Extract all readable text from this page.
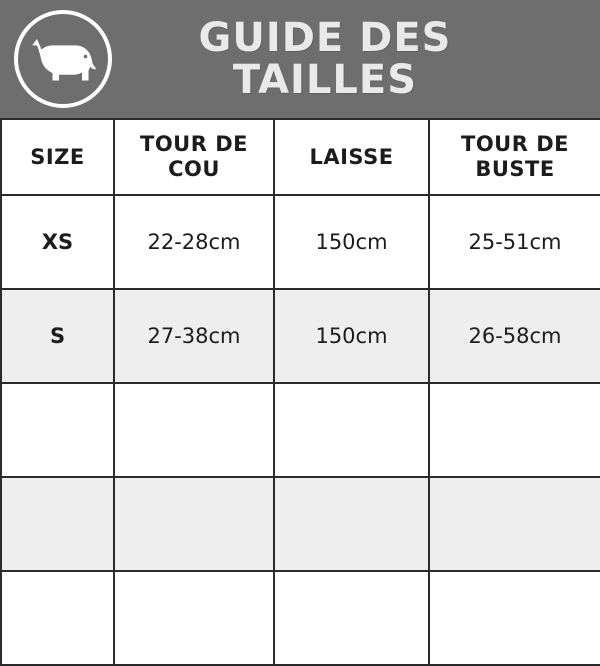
GUIDE DES
TAILLES
SIZE	TOUR DE COU	LAISSE	TOUR DE BUSTE
XS	22-28cm	150cm	25-51cm
S	27-38cm	150cm	26-58cm
